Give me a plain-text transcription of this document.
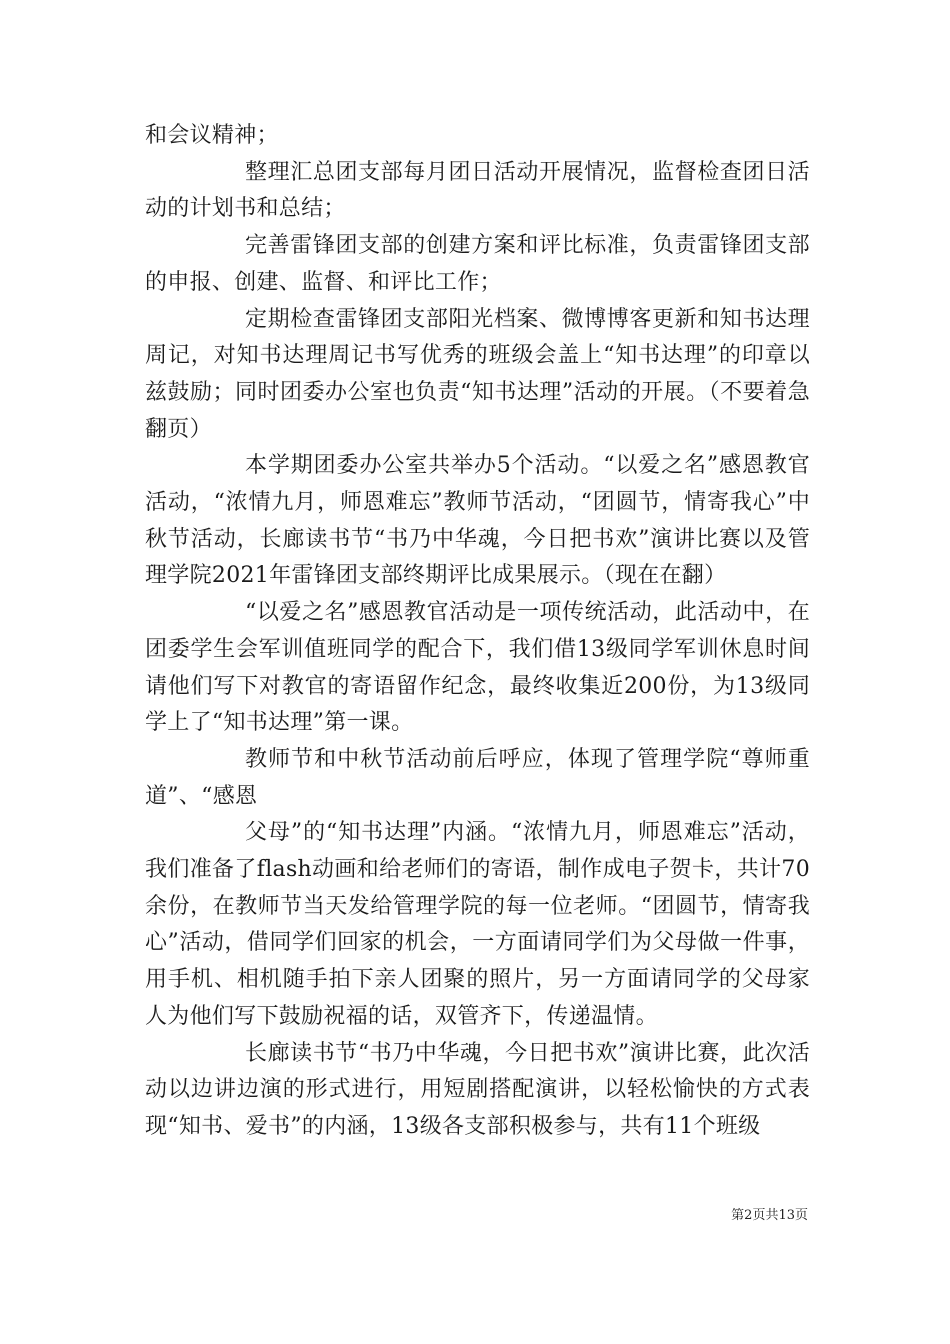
和会议精神；

整理汇总团支部每月团日活动开展情况，监督检查团日活动的计划书和总结；

完善雷锋团支部的创建方案和评比标准，负责雷锋团支部的申报、创建、监督、和评比工作；

定期检查雷锋团支部阳光档案、微博博客更新和知书达理周记，对知书达理周记书写优秀的班级会盖上“知书达理”的印章以兹鼓励；同时团委办公室也负责“知书达理”活动的开展。（不要着急翻页）

本学期团委办公室共举办5个活动。“以爱之名”感恩教官活动，“浓情九月，师恩难忘”教师节活动，“团圆节，情寄我心”中秋节活动，长廊读书节“书乃中华魂，今日把书欢”演讲比赛以及管理学院2021年雷锋团支部终期评比成果展示。（现在在翻）

“以爱之名”感恩教官活动是一项传统活动，此活动中，在团委学生会军训值班同学的配合下，我们借13级同学军训休息时间请他们写下对教官的寄语留作纪念，最终收集近200份，为13级同学上了“知书达理”第一课。

教师节和中秋节活动前后呼应，体现了管理学院“尊师重道”、“感恩

父母”的“知书达理”内涵。“浓情九月，师恩难忘”活动，我们准备了flash动画和给老师们的寄语，制作成电子贺卡，共计70余份，在教师节当天发给管理学院的每一位老师。“团圆节，情寄我心”活动，借同学们回家的机会，一方面请同学们为父母做一件事，用手机、相机随手拍下亲人团聚的照片，另一方面请同学的父母家人为他们写下鼓励祝福的话，双管齐下，传递温情。

长廊读书节“书乃中华魂，今日把书欢”演讲比赛，此次活动以边讲边演的形式进行，用短剧搭配演讲，以轻松愉快的方式表现“知书、爱书”的内涵，13级各支部积极参与，共有11个班级

第2页共13页
